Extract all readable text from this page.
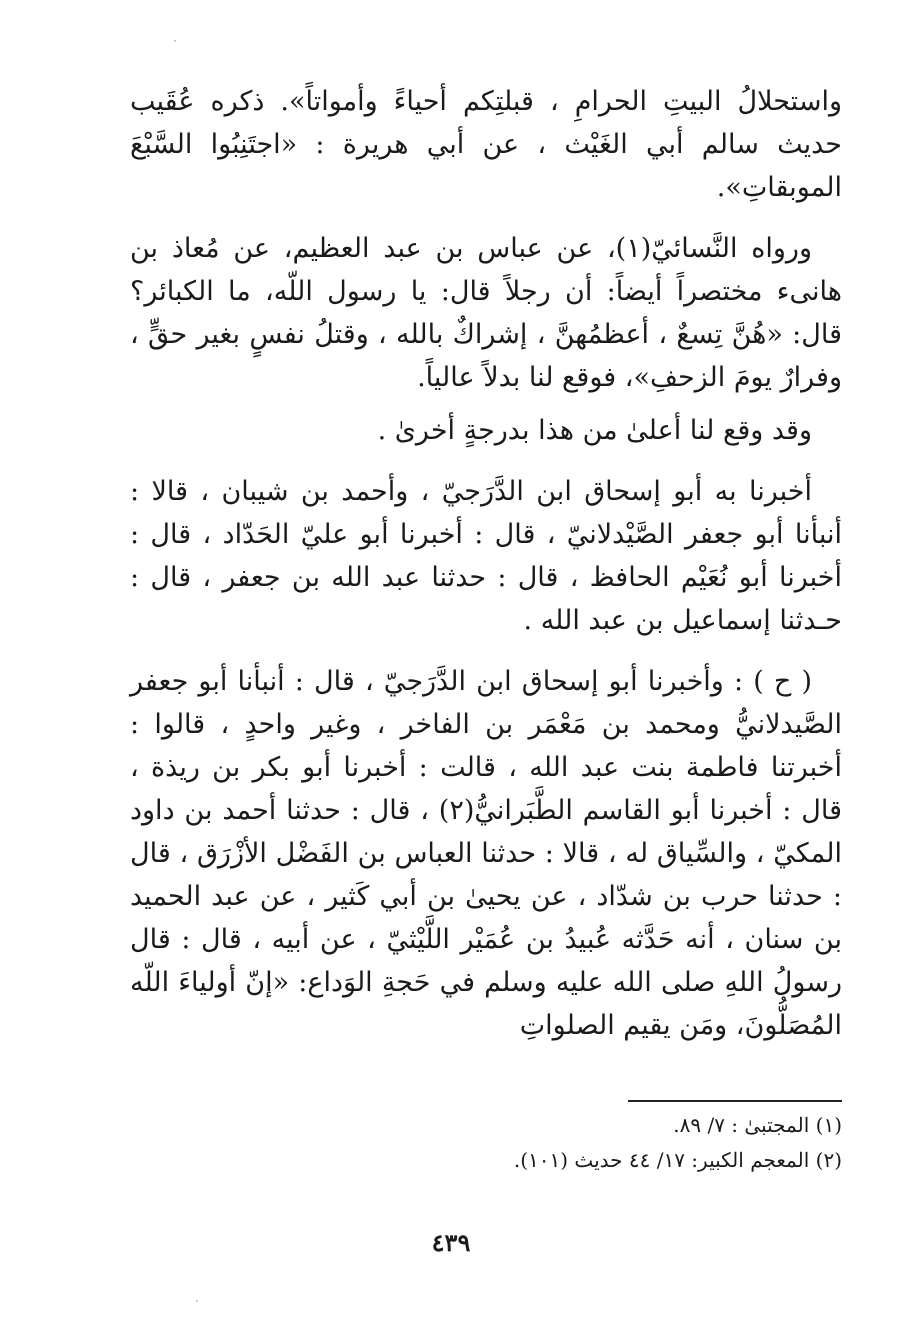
واستحلالُ البيتِ الحرامِ ، قبلتِكم أحياءً وأمواتاً». ذكره عُقَيب حديث سالم أبي الغَيْث ، عن أبي هريرة : «اجتَنِبُوا السَّبْعَ الموبقاتِ».

ورواه النَّسائيّ(١)، عن عباس بن عبد العظيم، عن مُعاذ بن هانىء مختصراً أيضاً: أن رجلاً قال: يا رسول اللّه، ما الكبائر؟ قال: «هُنَّ تِسعٌ ، أعظمُهنَّ ، إشراكٌ بالله ، وقتلُ نفسٍ بغير حقٍّ ، وفرارٌ يومَ الزحفِ»، فوقع لنا بدلاً عالياً.

وقد وقع لنا أعلىٰ من هذا بدرجةٍ أخرىٰ .

أخبرنا به أبو إسحاق ابن الدَّرَجيّ ، وأحمد بن شيبان ، قالا : أنبأنا أبو جعفر الصَّيْدلانيّ ، قال : أخبرنا أبو عليّ الحَدّاد ، قال : أخبرنا أبو نُعَيْم الحافظ ، قال : حدثنا عبد الله بن جعفر ، قال : حـدثنا إسماعيل بن عبد الله .

( ح ) : وأخبرنا أبو إسحاق ابن الدَّرَجيّ ، قال : أنبأنا أبو جعفر الصَّيدلانيُّ ومحمد بن مَعْمَر بن الفاخر ، وغير واحدٍ ، قالوا : أخبرتنا فاطمة بنت عبد الله ، قالت : أخبرنا أبو بكر بن ريذة ، قال : أخبرنا أبو القاسم الطَّبَرانيُّ(٢) ، قال : حدثنا أحمد بن داود المكيّ ، والسِّياق له ، قالا : حدثنا العباس بن الفَضْل الأزْرَق ، قال : حدثنا حرب بن شدّاد ، عن يحيىٰ بن أبي كَثير ، عن عبد الحميد بن سنان ، أنه حَدَّثه عُبيدُ بن عُمَيْر اللَّيْثيّ ، عن أبيه ، قال : قال رسولُ اللهِ صلى الله عليه وسلم في حَجةِ الوَداع: «إنّ أولياءَ اللّه المُصَلُّونَ، ومَن يقيم الصلواتِ

(١) المجتبىٰ : ٧/ ٨٩.

(٢) المعجم الكبير: ١٧/ ٤٤ حديث (١٠١).

٤٣٩
